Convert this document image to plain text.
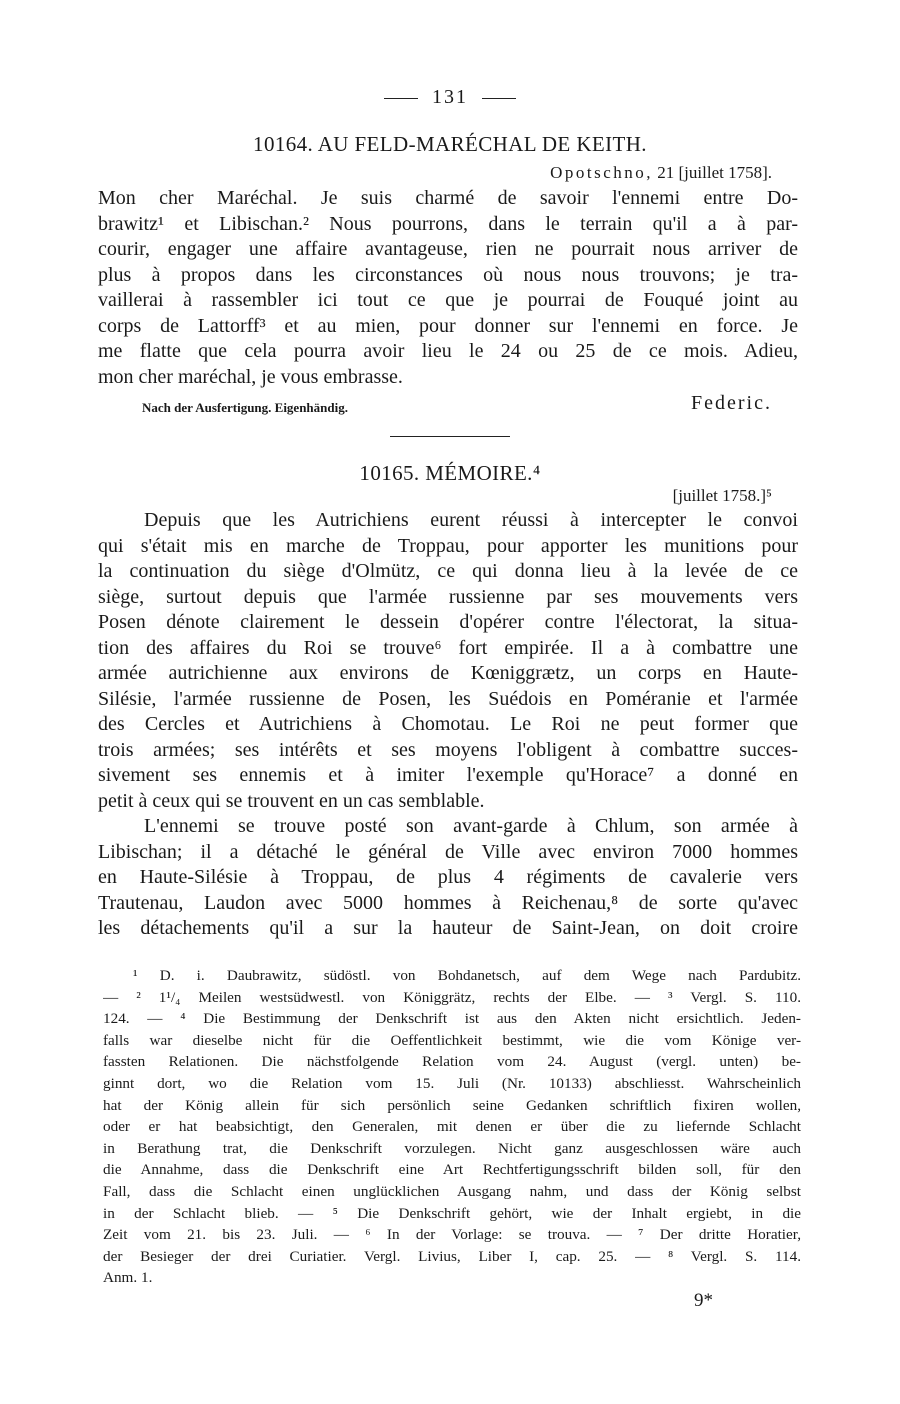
131
10164. AU FELD-MARÉCHAL DE KEITH.
Opotschno, 21 [juillet 1758].
Mon cher Maréchal. Je suis charmé de savoir l'ennemi entre Do-
brawitz¹ et Libischan.² Nous pourrons, dans le terrain qu'il a à par-
courir, engager une affaire avantageuse, rien ne pourrait nous arriver de
plus à propos dans les circonstances où nous nous trouvons; je tra-
vaillerai à rassembler ici tout ce que je pourrai de Fouqué joint au
corps de Lattorff³ et au mien, pour donner sur l'ennemi en force. Je
me flatte que cela pourra avoir lieu le 24 ou 25 de ce mois. Adieu,
mon cher maréchal, je vous embrasse.
Nach der Ausfertigung. Eigenhändig.	Federic.
10165. MÉMOIRE.⁴
[juillet 1758.]⁵
Depuis que les Autrichiens eurent réussi à intercepter le convoi
qui s'était mis en marche de Troppau, pour apporter les munitions pour
la continuation du siège d'Olmütz, ce qui donna lieu à la levée de ce
siège, surtout depuis que l'armée russienne par ses mouvements vers
Posen dénote clairement le dessein d'opérer contre l'électorat, la situa-
tion des affaires du Roi se trouve⁶ fort empirée. Il a à combattre une
armée autrichienne aux environs de Kœniggrætz, un corps en Haute-
Silésie, l'armée russienne de Posen, les Suédois en Poméranie et l'armée
des Cercles et Autrichiens à Chomotau. Le Roi ne peut former que
trois armées; ses intérêts et ses moyens l'obligent à combattre succes-
sivement ses ennemis et à imiter l'exemple qu'Horace⁷ a donné en
petit à ceux qui se trouvent en un cas semblable.
L'ennemi se trouve posté son avant-garde à Chlum, son armée à
Libischan; il a détaché le général de Ville avec environ 7000 hommes
en Haute-Silésie à Troppau, de plus 4 régiments de cavalerie vers
Trautenau, Laudon avec 5000 hommes à Reichenau,⁸ de sorte qu'avec
les détachements qu'il a sur la hauteur de Saint-Jean, on doit croire
¹ D. i. Daubrawitz, südöstl. von Bohdanetsch, auf dem Wege nach Pardubitz.
— ² 1¹/₄ Meilen westsüdwestl. von Königgrätz, rechts der Elbe. — ³ Vergl. S. 110.
124. — ⁴ Die Bestimmung der Denkschrift ist aus den Akten nicht ersichtlich. Jeden-
falls war dieselbe nicht für die Oeffentlichkeit bestimmt, wie die vom Könige ver-
fassten Relationen. Die nächstfolgende Relation vom 24. August (vergl. unten) be-
ginnt dort, wo die Relation vom 15. Juli (Nr. 10133) abschliesst. Wahrscheinlich
hat der König allein für sich persönlich seine Gedanken schriftlich fixiren wollen,
oder er hat beabsichtigt, den Generalen, mit denen er über die zu liefernde Schlacht
in Berathung trat, die Denkschrift vorzulegen. Nicht ganz ausgeschlossen wäre auch
die Annahme, dass die Denkschrift eine Art Rechtfertigungsschrift bilden soll, für den
Fall, dass die Schlacht einen unglücklichen Ausgang nahm, und dass der König selbst
in der Schlacht blieb. — ⁵ Die Denkschrift gehört, wie der Inhalt ergiebt, in die
Zeit vom 21. bis 23. Juli. — ⁶ In der Vorlage: se trouva. — ⁷ Der dritte Horatier,
der Besieger der drei Curiatier. Vergl. Livius, Liber I, cap. 25. — ⁸ Vergl. S. 114.
Anm. 1.
9*
